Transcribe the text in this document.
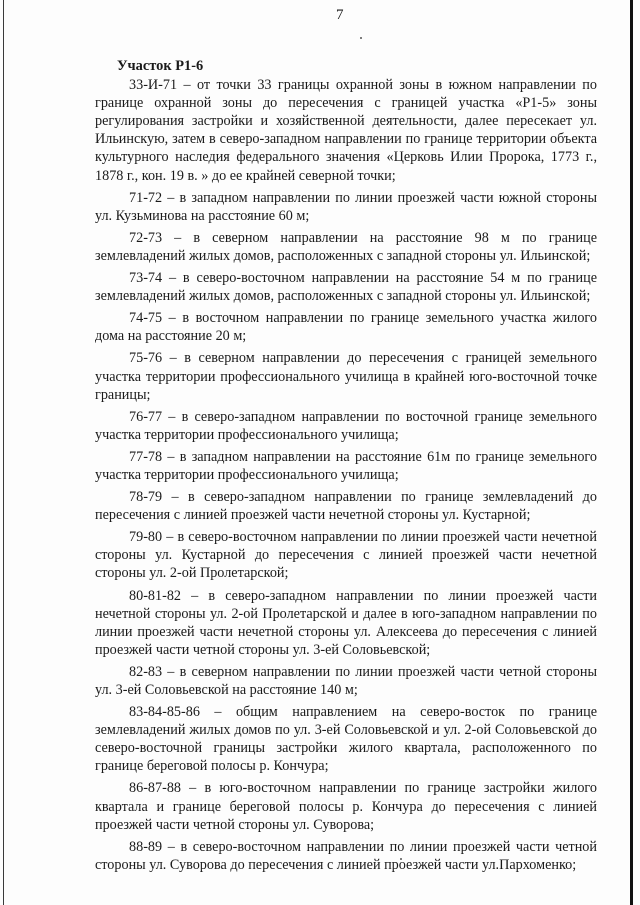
7
Участок Р1-6

33-И-71 – от точки 33 границы охранной зоны в южном направлении по границе охранной зоны до пересечения с границей участка «Р1-5» зоны регулирования застройки и хозяйственной деятельности, далее пересекает ул. Ильинскую, затем в северо-западном направлении по границе территории объекта культурного наследия федерального значения «Церковь Илии Пророка, 1773 г., 1878 г., кон. 19 в. » до ее крайней северной точки;

71-72 – в западном направлении по линии проезжей части южной стороны ул. Кузьминова на расстояние 60 м;

72-73 – в северном направлении на расстояние 98 м по границе землевладений жилых домов, расположенных с западной стороны ул. Ильинской;

73-74 – в северо-восточном направлении на расстояние 54 м по границе землевладений жилых домов, расположенных с западной стороны ул. Ильинской;

74-75 – в восточном направлении по границе земельного участка жилого дома на расстояние 20 м;

75-76 – в северном направлении до пересечения с границей земельного участка территории профессионального училища в крайней юго-восточной точке границы;

76-77 – в северо-западном направлении по восточной границе земельного участка территории профессионального училища;

77-78 – в западном направлении на расстояние 61м по границе земельного участка территории профессионального училища;

78-79 – в северо-западном направлении по границе землевладений до пересечения с линией проезжей части нечетной стороны ул. Кустарной;

79-80 – в северо-восточном направлении по линии проезжей части нечетной стороны ул. Кустарной до пересечения с линией проезжей части нечетной стороны ул. 2-ой Пролетарской;

80-81-82 – в северо-западном направлении по линии проезжей части нечетной стороны ул. 2-ой Пролетарской и далее в юго-западном направлении по линии проезжей части нечетной стороны ул. Алексеева до пересечения с линией проезжей части четной стороны ул. 3-ей Соловьевской;

82-83 – в северном направлении по линии проезжей части четной стороны ул. 3-ей Соловьевской на расстояние 140 м;

83-84-85-86 – общим направлением на северо-восток по границе землевладений жилых домов по ул. 3-ей Соловьевской и ул. 2-ой Соловьевской до северо-восточной границы застройки жилого квартала, расположенного по границе береговой полосы р. Кончура;

86-87-88 – в юго-восточном направлении по границе застройки жилого квартала и границе береговой полосы р. Кончура до пересечения с линией проезжей части четной стороны ул. Суворова;

88-89 – в северо-восточном направлении по линии проезжей части четной стороны ул. Суворова до пересечения с линией проезжей части ул.Пархоменко;
